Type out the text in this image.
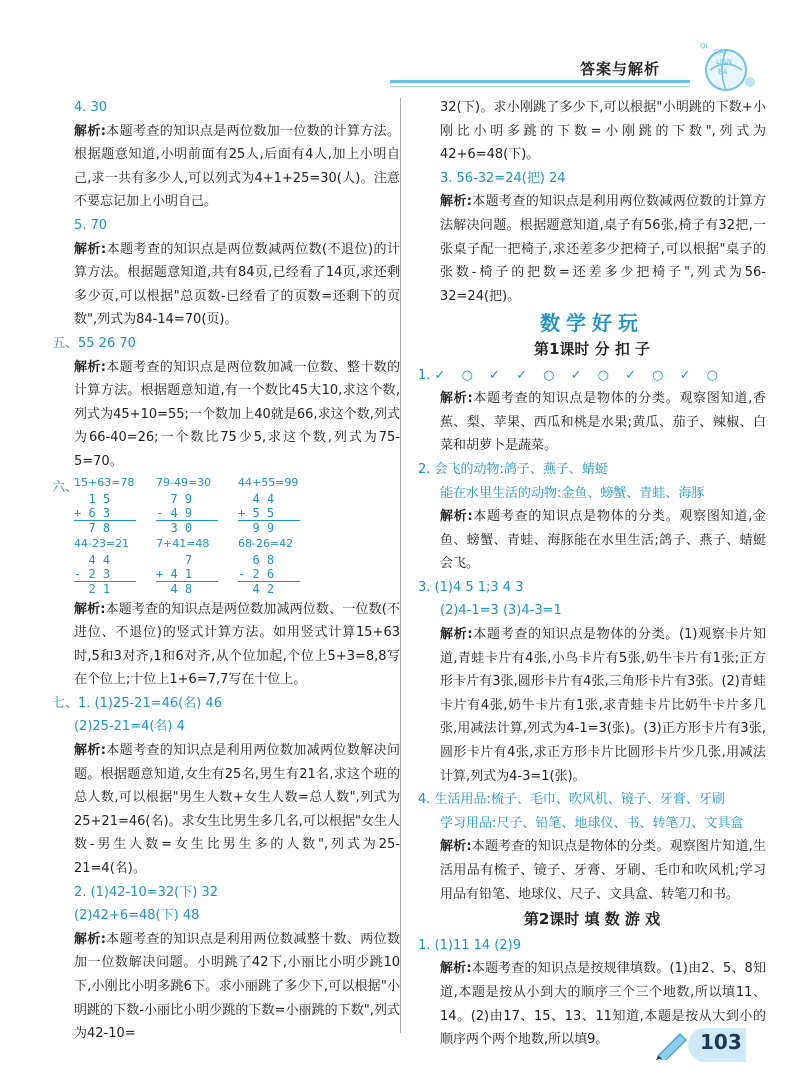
答案与解析
QI
CAI
LIAN
BA

4. 30

解析:本题考查的知识点是两位数加一位数的计算方法。根据题意知道,小明前面有25人,后面有4人,加上小明自己,求一共有多少人,可以列式为4+1+25=30(人)。注意不要忘记加上小明自己。

5. 70

解析:本题考查的知识点是两位数减两位数(不退位)的计算方法。根据题意知道,共有84页,已经看了14页,求还剩多少页,可以根据"总页数-已经看了的页数=还剩下的页数",列式为84-14=70(页)。

五、55 26 70

解析:本题考查的知识点是两位数加减一位数、整十数的计算方法。根据题意知道,有一个数比45大10,求这个数,列式为45+10=55;一个数加上40就是66,求这个数,列式为66-40=26;一个数比75少5,求这个数,列式为75-5=70。

六、
15+63=78
1 5
+ 6 3
7 8
79-49=30
7 9
- 4 9
3 0
44+55=99
4 4
+ 5 5
9 9
44-23=21
4 4
- 2 3
2 1
7+41=48
7
+ 4 1
4 8
68-26=42
6 8
- 2 6
4 2

解析:本题考查的知识点是两位数加减两位数、一位数(不进位、不退位)的竖式计算方法。如用竖式计算15+63时,5和3对齐,1和6对齐,从个位加起,个位上5+3=8,8写在个位上;十位上1+6=7,7写在十位上。

七、1. (1)25-21=46(名) 46

(2)25-21=4(名) 4

解析:本题考查的知识点是利用两位数加减两位数解决问题。根据题意知道,女生有25名,男生有21名,求这个班的总人数,可以根据"男生人数+女生人数=总人数",列式为25+21=46(名)。求女生比男生多几名,可以根据"女生人数-男生人数=女生比男生多的人数",列式为25-21=4(名)。

2. (1)42-10=32(下) 32

(2)42+6=48(下) 48

解析:本题考查的知识点是利用两位数减整十数、两位数加一位数解决问题。小明跳了42下,小丽比小明少跳10下,小刚比小明多跳6下。求小丽跳了多少下,可以根据"小明跳的下数-小丽比小明少跳的下数=小丽跳的下数",列式为42-10=

32(下)。求小刚跳了多少下,可以根据"小明跳的下数+小刚比小明多跳的下数=小刚跳的下数",列式为42+6=48(下)。

3. 56-32=24(把) 24

解析:本题考查的知识点是利用两位数减两位数的计算方法解决问题。根据题意知道,桌子有56张,椅子有32把,一张桌子配一把椅子,求还差多少把椅子,可以根据"桌子的张数-椅子的把数=还差多少把椅子",列式为56-32=24(把)。

数学好玩
第1课时 分 扣 子

1. ✓ ○ ✓ ✓ ○ ✓ ○ ✓ ○ ✓ ○

解析:本题考查的知识点是物体的分类。观察图知道,香蕉、梨、苹果、西瓜和桃是水果;黄瓜、茄子、辣椒、白菜和胡萝卜是蔬菜。

2. 会飞的动物:鸽子、燕子、蜻蜓

能在水里生活的动物:金鱼、螃蟹、青蛙、海豚

解析:本题考查的知识点是物体的分类。观察图知道,金鱼、螃蟹、青蛙、海豚能在水里生活;鸽子、燕子、蜻蜓会飞。

3. (1)4 5 1;3 4 3

(2)4-1=3 (3)4-3=1

解析:本题考查的知识点是物体的分类。(1)观察卡片知道,青蛙卡片有4张,小鸟卡片有5张,奶牛卡片有1张;正方形卡片有3张,圆形卡片有4张,三角形卡片有3张。(2)青蛙卡片有4张,奶牛卡片有1张,求青蛙卡片比奶牛卡片多几张,用减法计算,列式为4-1=3(张)。(3)正方形卡片有3张,圆形卡片有4张,求正方形卡片比圆形卡片少几张,用减法计算,列式为4-3=1(张)。

4. 生活用品:梳子、毛巾、吹风机、镜子、牙膏、牙刷

学习用品:尺子、铅笔、地球仪、书、转笔刀、文具盒

解析:本题考查的知识点是物体的分类。观察图片知道,生活用品有梳子、镜子、牙膏、牙刷、毛巾和吹风机;学习用品有铅笔、地球仪、尺子、文具盒、转笔刀和书。

第2课时 填 数 游 戏

1. (1)11 14 (2)9

解析:本题考查的知识点是按规律填数。(1)由2、5、8知道,本题是按从小到大的顺序三个三个地数,所以填11、14。(2)由17、15、13、11知道,本题是按从大到小的顺序两个两个地数,所以填9。	103
